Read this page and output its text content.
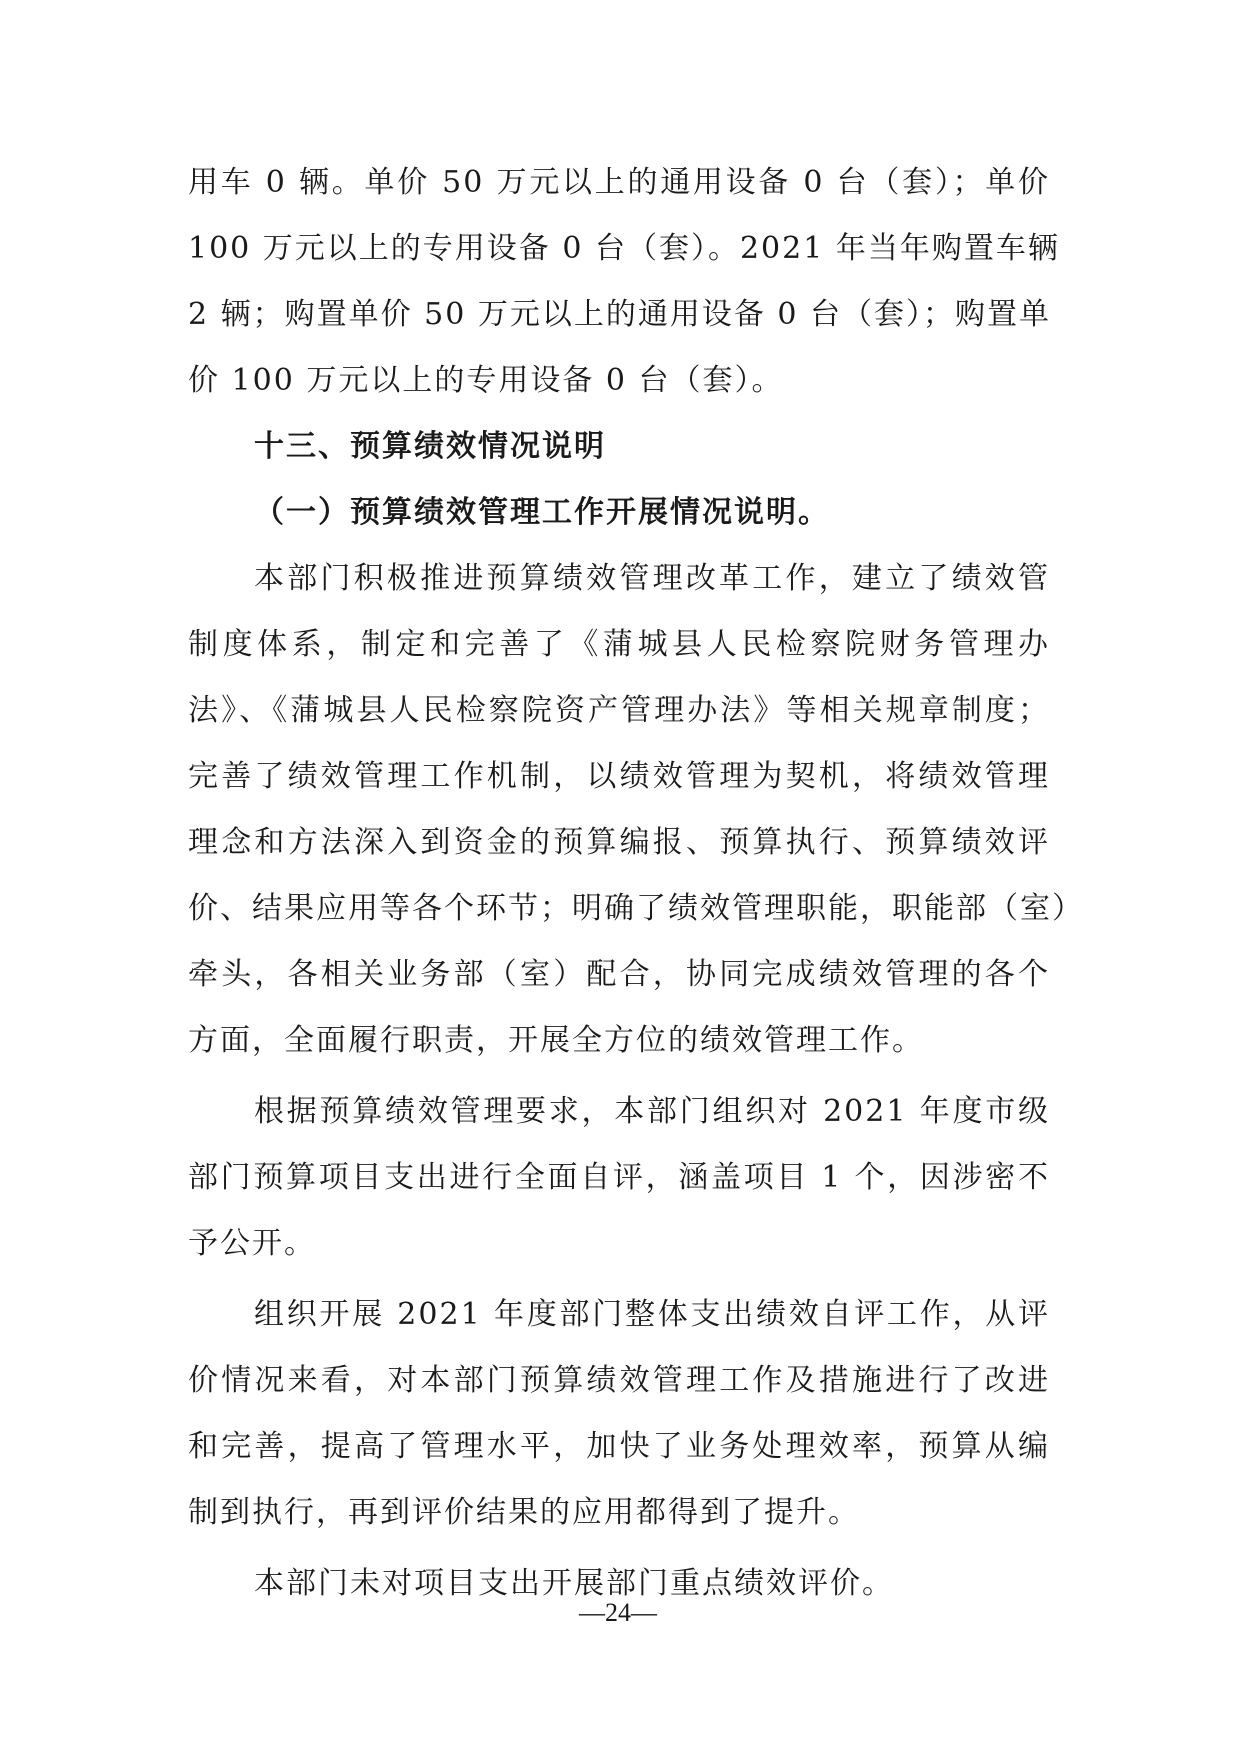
用车 0 辆。单价 50 万元以上的通用设备 0 台（套）；单价
100 万元以上的专用设备 0 台（套）。2021 年当年购置车辆
2 辆；购置单价 50 万元以上的通用设备 0 台（套）；购置单
价 100 万元以上的专用设备 0 台（套）。
十三、预算绩效情况说明
（一）预算绩效管理工作开展情况说明。
本部门积极推进预算绩效管理改革工作，建立了绩效管
制度体系，制定和完善了《蒲城县人民检察院财务管理办
法》、《蒲城县人民检察院资产管理办法》等相关规章制度；
完善了绩效管理工作机制，以绩效管理为契机，将绩效管理
理念和方法深入到资金的预算编报、预算执行、预算绩效评
价、结果应用等各个环节；明确了绩效管理职能，职能部（室）
牵头，各相关业务部（室）配合，协同完成绩效管理的各个
方面，全面履行职责，开展全方位的绩效管理工作。
根据预算绩效管理要求，本部门组织对 2021 年度市级
部门预算项目支出进行全面自评，涵盖项目 1 个，因涉密不
予公开。
组织开展 2021 年度部门整体支出绩效自评工作，从评
价情况来看，对本部门预算绩效管理工作及措施进行了改进
和完善，提高了管理水平，加快了业务处理效率，预算从编
制到执行，再到评价结果的应用都得到了提升。
本部门未对项目支出开展部门重点绩效评价。
—24—
